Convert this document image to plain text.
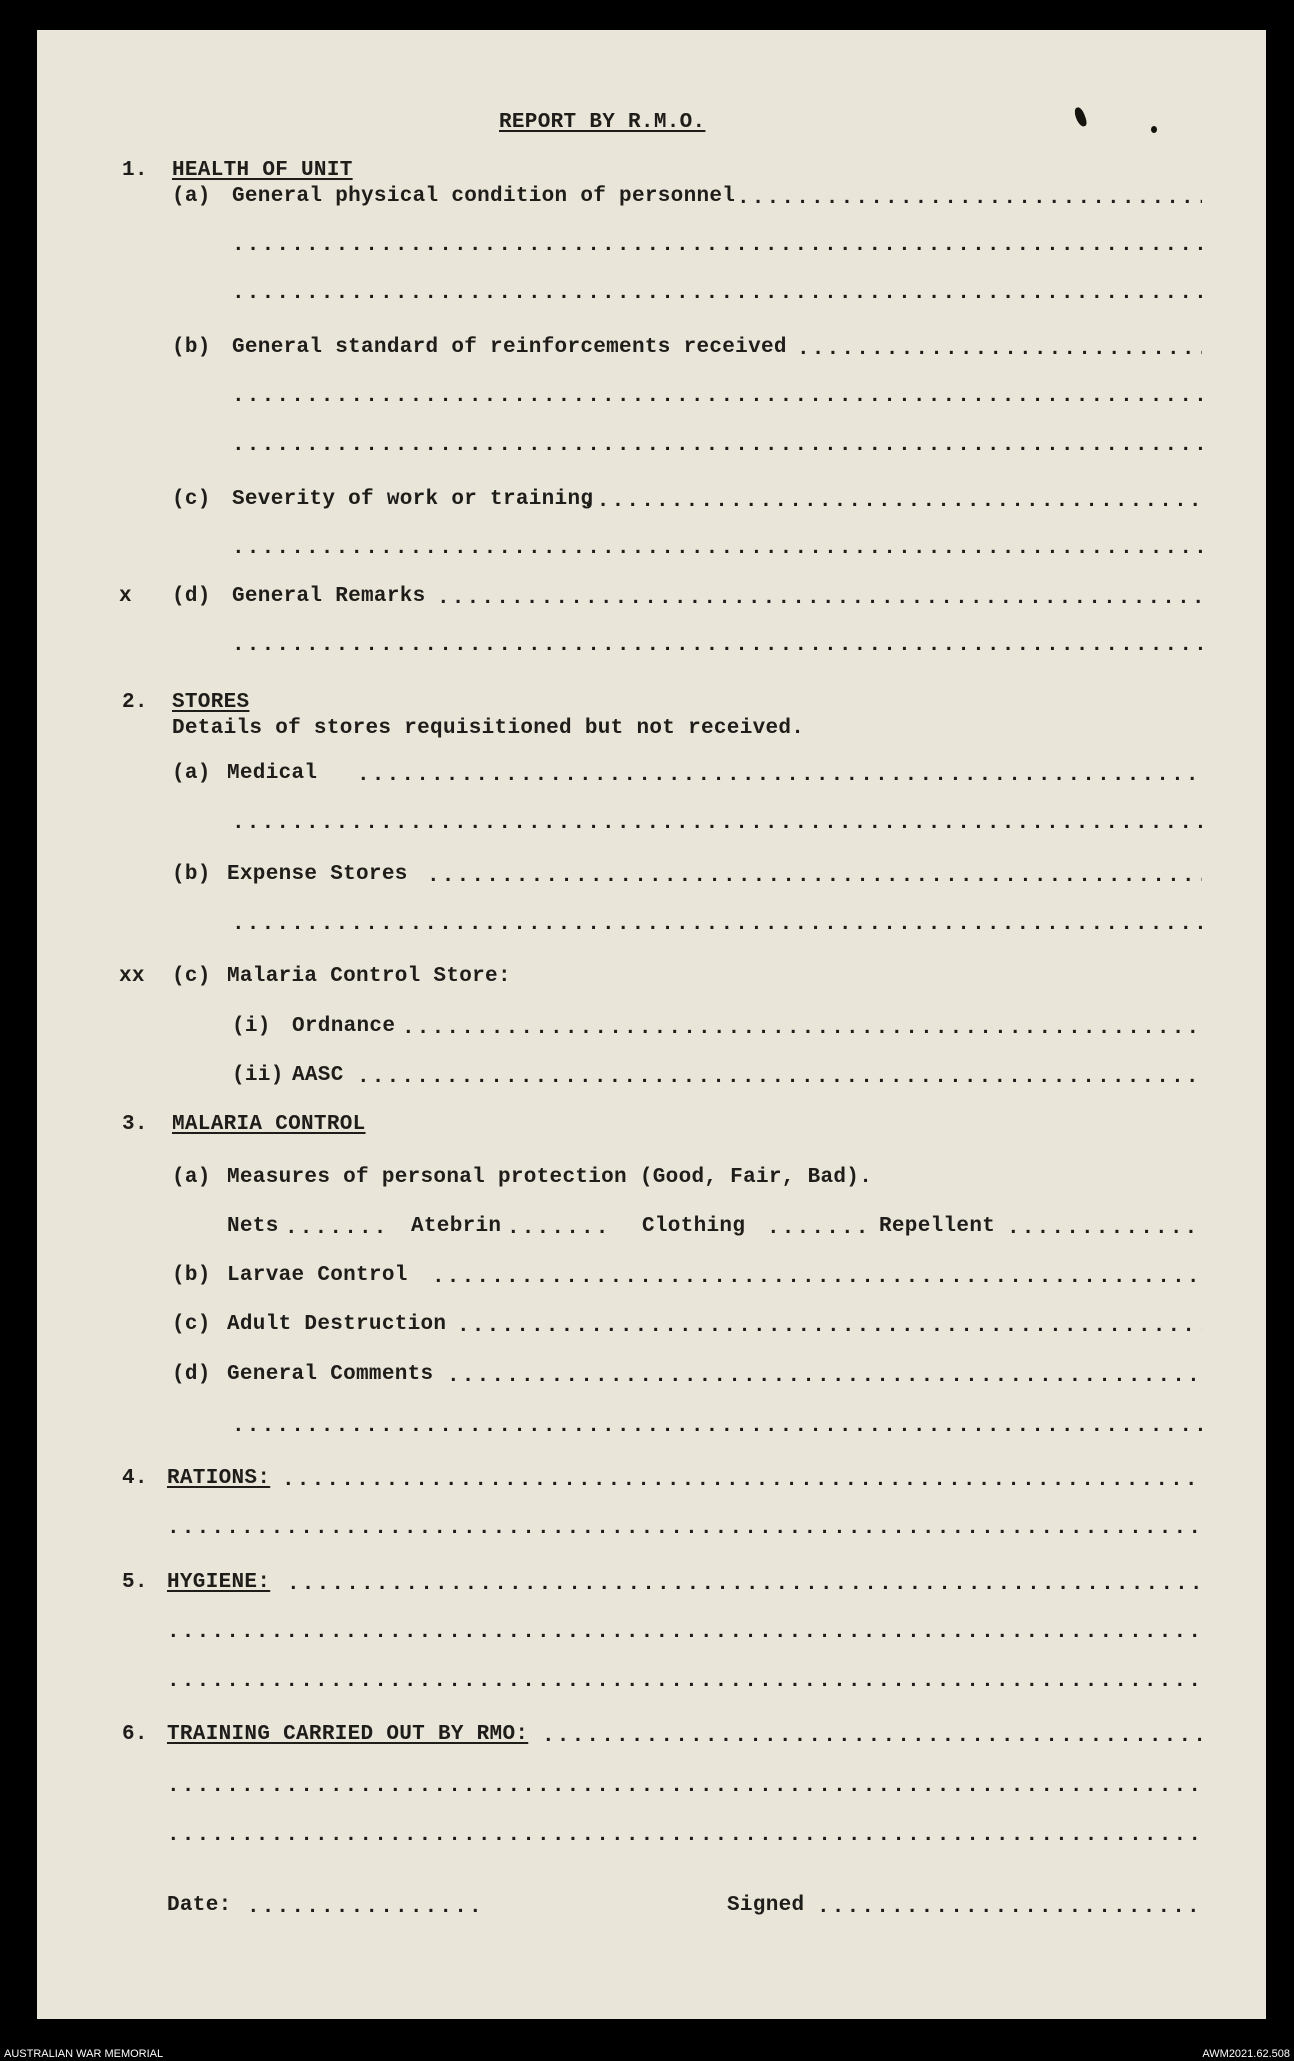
REPORT BY R.M.O.
1. HEALTH OF UNIT
(a) General physical condition of personnel
.....
.....
.....
(b) General standard of reinforcements received
.....
.....
.....
(c) Severity of work or training
.....
.....
x (d) General Remarks
.....
.....
2. STORES
Details of stores requisitioned but not received.
(a) Medical
.....
.....
(b) Expense Stores
.....
.....
xx (c) Malaria Control Store:
(i) Ordnance
.....
(ii) AASC
.....
3. MALARIA CONTROL
(a) Measures of personal protection (Good, Fair, Bad).
Nets .....	Atebrin .....	Clothing .....	Repellent
.....
(b) Larvae Control
.....
(c) Adult Destruction
.....
(d) General Comments
.....
.....
4. RATIONS:
.....
.....
5. HYGIENE:
.....
.....
.....
6. TRAINING CARRIED OUT BY RMO:
.....
.....
.....
Date: .....	Signed
.....
AUSTRALIAN WAR MEMORIAL	AWM2021.62.508
